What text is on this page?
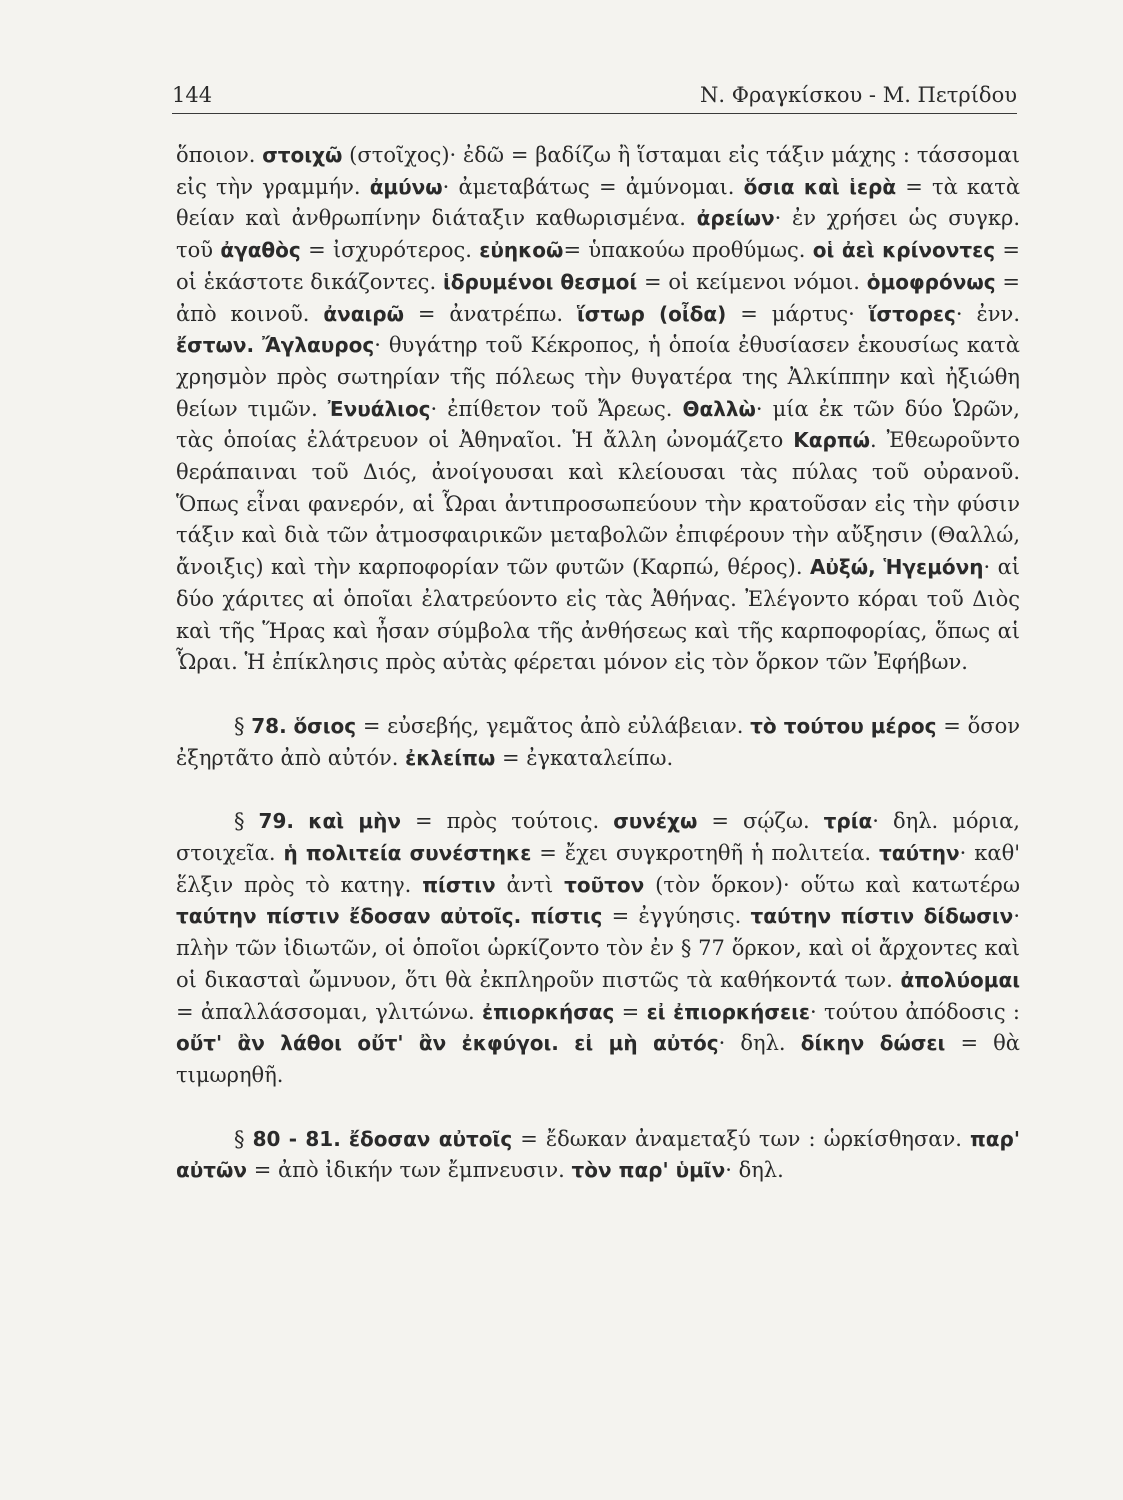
144	Ν. Φραγκίσκου - Μ. Πετρίδου

ὅποιον. στοιχῶ (στοῖχος)· ἐδῶ = βαδίζω ἢ ἵσταμαι εἰς τάξιν μάχης : τάσσομαι εἰς τὴν γραμμήν. ἀμύνω· ἀμεταβάτως = ἀμύνομαι. ὅσια καὶ ἱερὰ = τὰ κατὰ θείαν καὶ ἀνθρωπίνην διάταξιν καθωρισμένα. ἀρείων· ἐν χρήσει ὡς συγκρ. τοῦ ἀγαθὸς = ἰσχυρότερος. εὐηκοῶ= ὑπακούω προθύμως. οἱ ἀεὶ κρίνοντες = οἱ ἑκάστοτε δικάζοντες. ἱδρυμένοι θεσμοί = οἱ κείμενοι νόμοι. ὁμοφρόνως = ἀπὸ κοινοῦ. ἀναιρῶ = ἀνατρέπω. ἵστωρ (οἶδα) = μάρτυς· ἵστορες· ἐνν. ἔστων. Ἄγλαυρος· θυγάτηρ τοῦ Κέκροπος, ἡ ὁποία ἐθυσίασεν ἑκουσίως κατὰ χρησμὸν πρὸς σωτηρίαν τῆς πόλεως τὴν θυγατέρα της Ἀλκίππην καὶ ἠξιώθη θείων τιμῶν. Ἐνυάλιος· ἐπίθετον τοῦ Ἄρεως. Θαλλὼ· μία ἐκ τῶν δύο Ὡρῶν, τὰς ὁποίας ἐλάτρευον οἱ Ἀθηναῖοι. Ἡ ἄλλη ὠνομάζετο Καρπώ. Ἐθεωροῦντο θεράπαιναι τοῦ Διός, ἀνοίγουσαι καὶ κλείουσαι τὰς πύλας τοῦ οὐρανοῦ. Ὅπως εἶναι φανερόν, αἱ Ὧραι ἀντιπροσωπεύουν τὴν κρατοῦσαν εἰς τὴν φύσιν τάξιν καὶ διὰ τῶν ἀτμοσφαιρικῶν μεταβολῶν ἐπιφέρουν τὴν αὔξησιν (Θαλλώ, ἄνοιξις) καὶ τὴν καρποφορίαν τῶν φυτῶν (Καρπώ, θέρος). Αὐξώ, Ἡγεμόνη· αἱ δύο χάριτες αἱ ὁποῖαι ἐλατρεύοντο εἰς τὰς Ἀθήνας. Ἐλέγοντο κόραι τοῦ Διὸς καὶ τῆς Ἥρας καὶ ἦσαν σύμβολα τῆς ἀνθήσεως καὶ τῆς καρποφορίας, ὅπως αἱ Ὧραι. Ἡ ἐπίκλησις πρὸς αὐτὰς φέρεται μόνον εἰς τὸν ὅρκον τῶν Ἐφήβων.

§ 78. ὅσιος = εὐσεβής, γεμᾶτος ἀπὸ εὐλάβειαν. τὸ τούτου μέρος = ὅσον ἐξηρτᾶτο ἀπὸ αὐτόν. ἐκλείπω = ἐγκαταλείπω.

§ 79. καὶ μὴν = πρὸς τούτοις. συνέχω = σῴζω. τρία· δηλ. μόρια, στοιχεῖα. ἡ πολιτεία συνέστηκε = ἔχει συγκροτηθῆ ἡ πολιτεία. ταύτην· καθ' ἕλξιν πρὸς τὸ κατηγ. πίστιν ἀντὶ τοῦτον (τὸν ὅρκον)· οὕτω καὶ κατωτέρω ταύτην πίστιν ἔδοσαν αὐτοῖς. πίστις = ἐγγύησις. ταύτην πίστιν δίδωσιν· πλὴν τῶν ἰδιωτῶν, οἱ ὁποῖοι ὡρκίζοντο τὸν ἐν § 77 ὅρκον, καὶ οἱ ἄρχοντες καὶ οἱ δικασταὶ ὤμνυον, ὅτι θὰ ἐκπληροῦν πιστῶς τὰ καθήκοντά των. ἀπολύομαι = ἀπαλλάσσομαι, γλιτώνω. ἐπιορκήσας = εἰ ἐπιορκήσειε· τούτου ἀπόδοσις : οὔτ' ἂν λάθοι οὔτ' ἂν ἐκφύγοι. εἰ μὴ αὐτός· δηλ. δίκην δώσει = θὰ τιμωρηθῆ.

§ 80 - 81. ἔδοσαν αὐτοῖς = ἔδωκαν ἀναμεταξύ των : ὡρκίσθησαν. παρ' αὐτῶν = ἀπὸ ἰδικήν των ἔμπνευσιν. τὸν παρ' ὑμῖν· δηλ.
